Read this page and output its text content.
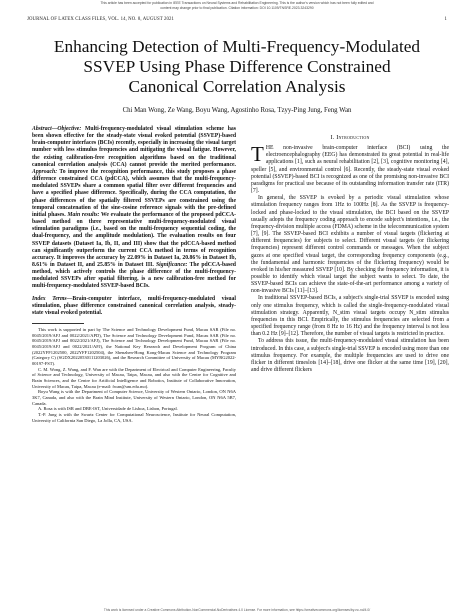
This article has been accepted for publication in IEEE Transactions on Neural Systems and Rehabilitation Engineering. This is the author's version which has not been fully edited and
content may change prior to final publication. Citation information: DOI 10.1109/TNSRE.2023.3243290
JOURNAL OF LATEX CLASS FILES, VOL. 14, NO. 8, AUGUST 2021	1
Enhancing Detection of Multi-Frequency-Modulated
SSVEP Using Phase Difference Constrained
Canonical Correlation Analysis
Chi Man Wong, Ze Wang, Boyu Wang, Agostinho Rosa, Tzyy-Ping Jung, Feng Wan
Abstract—Objective: Multi-frequency-modulated visual stimulation scheme has been shown effective for the steady-state visual evoked potential (SSVEP)-based brain-computer interfaces (BCIs) recently, especially in increasing the visual target number with less stimulus frequencies and mitigating the visual fatigue. However, the existing calibration-free recognition algorithms based on the traditional canonical correlation analysis (CCA) cannot provide the merited performance. Approach: To improve the recognition performance, this study proposes a phase difference constrained CCA (pdCCA), which assumes that the multi-frequency-modulated SSVEPs share a common spatial filter over different frequencies and have a specified phase difference. Specifically, during the CCA computation, the phase differences of the spatially filtered SSVEPs are constrained using the temporal concatenation of the sine-cosine reference signals with the pre-defined initial phases. Main results: We evaluate the performance of the proposed pdCCA-based method on three representative multi-frequency-modulated visual stimulation paradigms (i.e., based on the multi-frequency sequential coding, the dual-frequency, and the amplitude modulation). The evaluation results on four SSVEP datasets (Dataset Ia, Ib, II, and III) show that the pdCCA-based method can significantly outperform the current CCA method in terms of recognition accuracy. It improves the accuracy by 22.09% in Dataset Ia, 20.86% in Dataset Ib, 8.61% in Dataset II, and 25.85% in Dataset III. Significance: The pdCCA-based method, which actively controls the phase difference of the multi-frequency-modulated SSVEPs after spatial filtering, is a new calibration-free method for multi-frequency-modulated SSVEP-based BCIs.
Index Terms—Brain-computer interface, multi-frequency-modulated visual stimulation, phase difference constrained canonical correlation analysis, steady-state visual evoked potential.

This work is supported in part by The Science and Technology Development Fund, Macau SAR (File no. 0045/2019/AFJ and 0022/2021/APD), The Science and Technology Development Fund, Macau SAR (File no. 0045/2019/AFJ and 0022/2021/AFJ), The Science and Technology Development Fund, Macau SAR (File no. 0045/2019/AFJ and 0022/2021/AFJ), the National Key Research and Development Program of China (2022YFF1202500, 2022YFF1202504), the Shenzhen-Hong Kong-Macau Science and Technology Program (Category C) (SGDX20220530111203026), and the Research Committee of University of Macau (MYRG2022-00197-FST).

C. M. Wong, Z. Wang, and F. Wan are with the Department of Electrical and Computer Engineering, Faculty of Science and Technology, University of Macau, Taipa, Macau, and also with the Centre for Cognitive and Brain Sciences, and the Centre for Artificial Intelligence and Robotics, Institute of Collaborative Innovation, University of Macau, Taipa, Macau (e-mail: fwan@um.edu.mo).

Boyu Wang is with the Department of Computer Science, University of Western Ontario, London, ON N6A 3K7, Canada, and also with the Brain Mind Institute, University of Western Ontario, London, ON N6A 5B7, Canada.

A. Rosa is with ISR and DBE-IST, Universidade de Lisboa, Lisbon, Portugal.

T.-P. Jung is with the Swartz Center for Computational Neuroscience, Institute for Neural Computation, University of California San Diego, La Jolla, CA, USA.

I. Introduction

THE non-invasive brain-computer interface (BCI) using the electroencephalography (EEG) has demonstrated its great potential in real-life applications [1], such as neural rehabilitation [2], [3], cognitive monitoring [4], speller [5], and environmental control [6]. Recently, the steady-state visual evoked potential (SSVEP)-based BCI is recognized as one of the promising non-invasive BCI paradigms for practical use because of its outstanding information transfer rate (ITR) [7].

In general, the SSVEP is evoked by a periodic visual stimulation whose stimulation frequency ranges from 1Hz to 100Hz [8]. As the SSVEP is frequency-locked and phase-locked to the visual stimulation, the BCI based on the SSVEP usually adopts the frequency coding approach to encode subject's intentions, i.e., the frequency-division multiple access (FDMA) scheme in the telecommunication system [7], [9]. The SSVEP-based BCI exhibits a number of visual targets (flickering at different frequencies) for subjects to select. Different visual targets (or flickering frequencies) represent different control commands or messages. When the subject gazes at one specified visual target, the corresponding frequency components (e.g., the fundamental and harmonic frequencies of the flickering frequency) would be evoked in his/her measured SSVEP [10]. By checking the frequency information, it is possible to identify which visual target the subject wants to select. To date, the SSVEP-based BCIs can achieve the state-of-the-art performance among a variety of non-invasive BCIs [11]–[13].

In traditional SSVEP-based BCIs, a subject's single-trial SSVEP is encoded using only one stimulus frequency, which is called the single-frequency-modulated visual stimulation strategy. Apparently, N_stim visual targets occupy N_stim stimulus frequencies in this BCI. Empirically, the stimulus frequencies are selected from a specified frequency range (from 8 Hz to 16 Hz) and the frequency interval is not less than 0.2 Hz [9]–[12]. Therefore, the number of visual targets is restricted in practice.

To address this issue, the multi-frequency-modulated visual stimulation has been introduced. In this case, a subject's single-trial SSVEP is encoded using more than one stimulus frequency. For example, the multiple frequencies are used to drive one flicker in different timeslots [14]–[18], drive one flicker at the same time [19], [20], and drive different flickers

This work is licensed under a Creative Commons Attribution-NonCommercial-NoDerivatives 4.0 License. For more information, see https://creativecommons.org/licenses/by-nc-nd/4.0/
